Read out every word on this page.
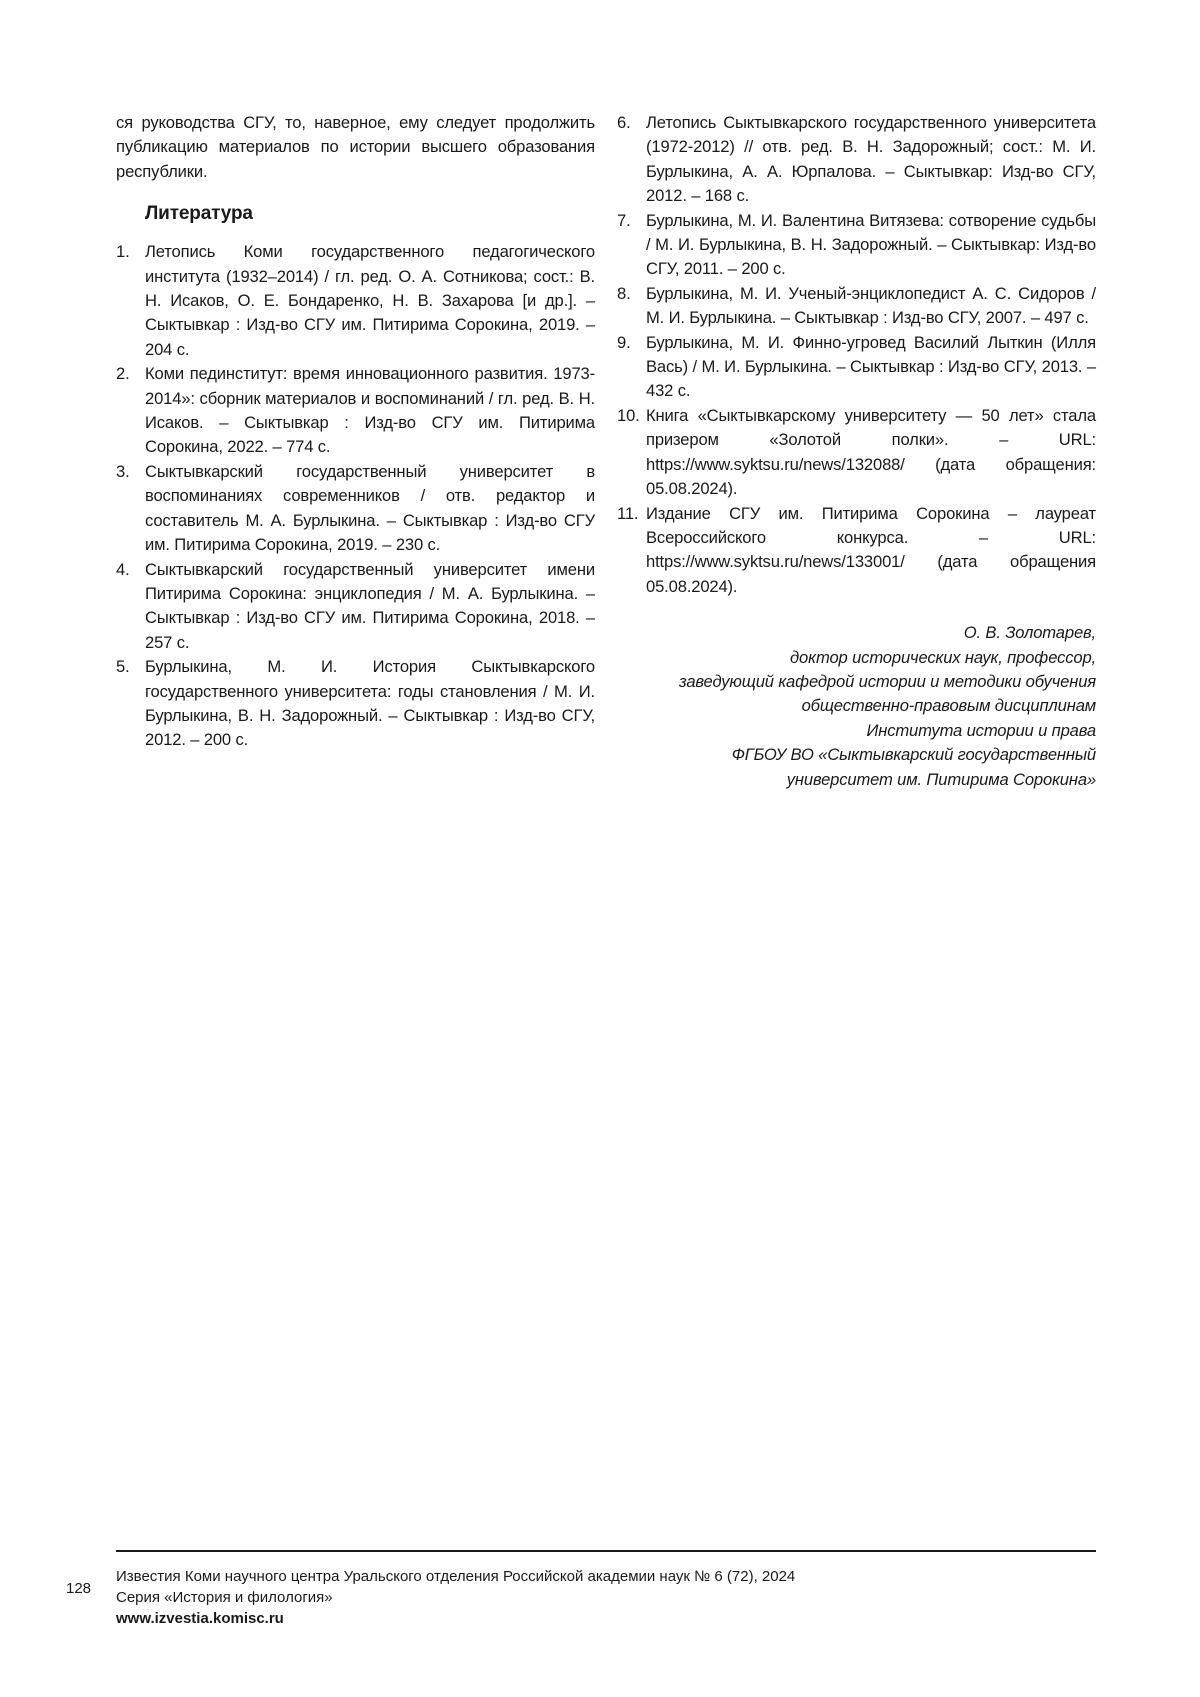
ся руководства СГУ, то, наверное, ему следует продолжить публикацию материалов по истории высшего образования республики.
Литература
1. Летопись Коми государственного педагогического института (1932–2014) / гл. ред. О. А. Сотникова; сост.: В. Н. Исаков, О. Е. Бондаренко, Н. В. Захарова [и др.]. – Сыктывкар : Изд-во СГУ им. Питирима Сорокина, 2019. – 204 с.
2. Коми пединститут: время инновационного развития. 1973-2014»: сборник материалов и воспоминаний / гл. ред. В. Н. Исаков. – Сыктывкар : Изд-во СГУ им. Питирима Сорокина, 2022. – 774 с.
3. Сыктывкарский государственный университет в воспоминаниях современников / отв. редактор и составитель М. А. Бурлыкина. – Сыктывкар : Изд-во СГУ им. Питирима Сорокина, 2019. – 230 с.
4. Сыктывкарский государственный университет имени Питирима Сорокина: энциклопедия / М. А. Бурлыкина. – Сыктывкар : Изд-во СГУ им. Питирима Сорокина, 2018. – 257 с.
5. Бурлыкина, М. И. История Сыктывкарского государственного университета: годы становления / М. И. Бурлыкина, В. Н. Задорожный. – Сыктывкар : Изд-во СГУ, 2012. – 200 с.
6. Летопись Сыктывкарского государственного университета (1972-2012) // отв. ред. В. Н. Задорожный; сост.: М. И. Бурлыкина, А. А. Юрпалова. – Сыктывкар: Изд-во СГУ, 2012. – 168 с.
7. Бурлыкина, М. И. Валентина Витязева: сотворение судьбы / М. И. Бурлыкина, В. Н. Задорожный. – Сыктывкар: Изд-во СГУ, 2011. – 200 с.
8. Бурлыкина, М. И. Ученый-энциклопедист А. С. Сидоров / М. И. Бурлыкина. – Сыктывкар : Изд-во СГУ, 2007. – 497 с.
9. Бурлыкина, М. И. Финно-угровед Василий Лыткин (Илля Вась) / М. И. Бурлыкина. – Сыктывкар : Изд-во СГУ, 2013. – 432 с.
10. Книга «Сыктывкарскому университету — 50 лет» стала призером «Золотой полки». – URL: https://www.syktsu.ru/news/132088/ (дата обращения: 05.08.2024).
11. Издание СГУ им. Питирима Сорокина – лауреат Всероссийского конкурса. – URL: https://www.syktsu.ru/news/133001/ (дата обращения 05.08.2024).
О. В. Золотарев,
доктор исторических наук, профессор,
заведующий кафедрой истории и методики обучения
общественно-правовым дисциплинам
Института истории и права
ФГБОУ ВО «Сыктывкарский государственный
университет им. Питирима Сорокина»
128
Известия Коми научного центра Уральского отделения Российской академии наук № 6 (72), 2024
Серия «История и филология»
www.izvestia.komisc.ru
